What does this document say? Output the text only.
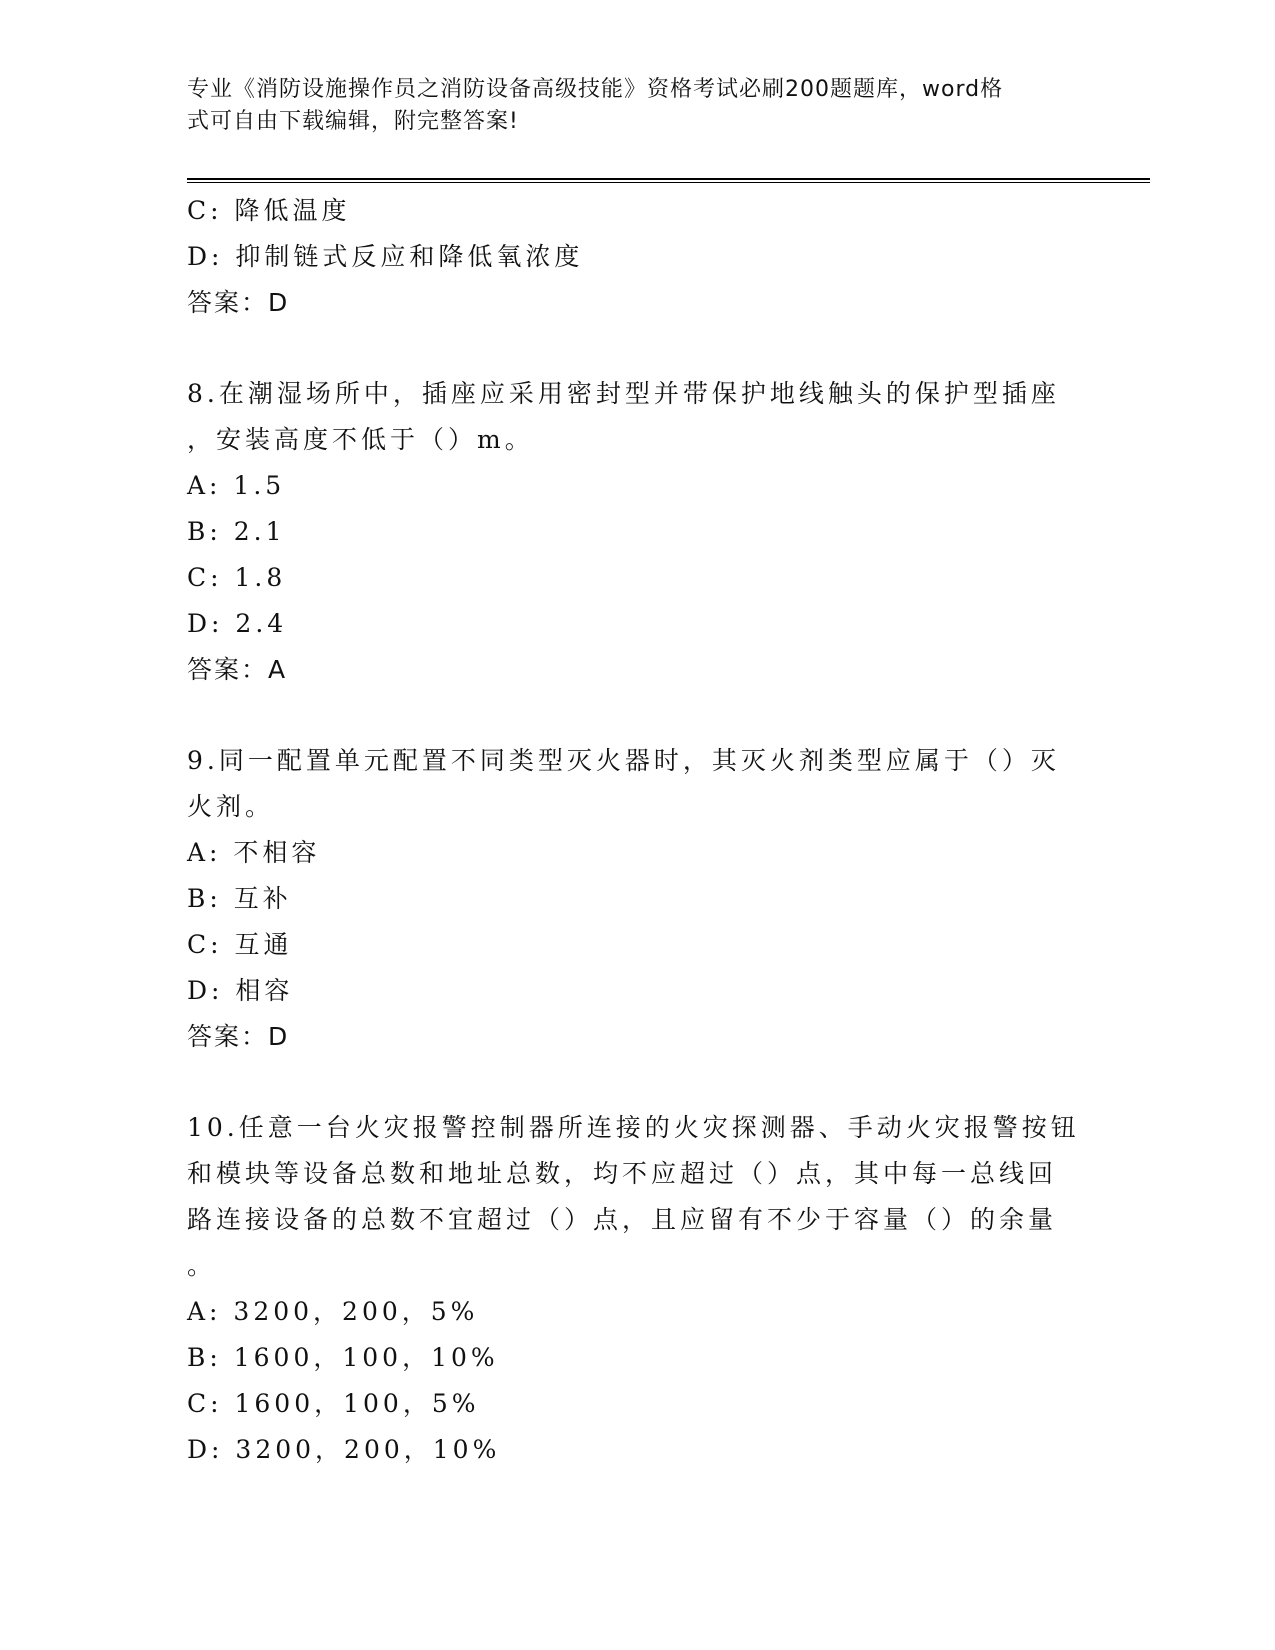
专业《消防设施操作员之消防设备高级技能》资格考试必刷200题题库，word格
式可自由下载编辑，附完整答案!
C: 降低温度
D: 抑制链式反应和降低氧浓度
答案：D
8.在潮湿场所中，插座应采用密封型并带保护地线触头的保护型插座
，安装高度不低于（）m。
A: 1.5
B: 2.1
C: 1.8
D: 2.4
答案：A
9.同一配置单元配置不同类型灭火器时，其灭火剂类型应属于（）灭
火剂。
A: 不相容
B: 互补
C: 互通
D: 相容
答案：D
10.任意一台火灾报警控制器所连接的火灾探测器、手动火灾报警按钮
和模块等设备总数和地址总数，均不应超过（）点，其中每一总线回
路连接设备的总数不宜超过（）点，且应留有不少于容量（）的余量
。
A: 3200，200，5%
B: 1600，100，10%
C: 1600，100，5%
D: 3200，200，10%
